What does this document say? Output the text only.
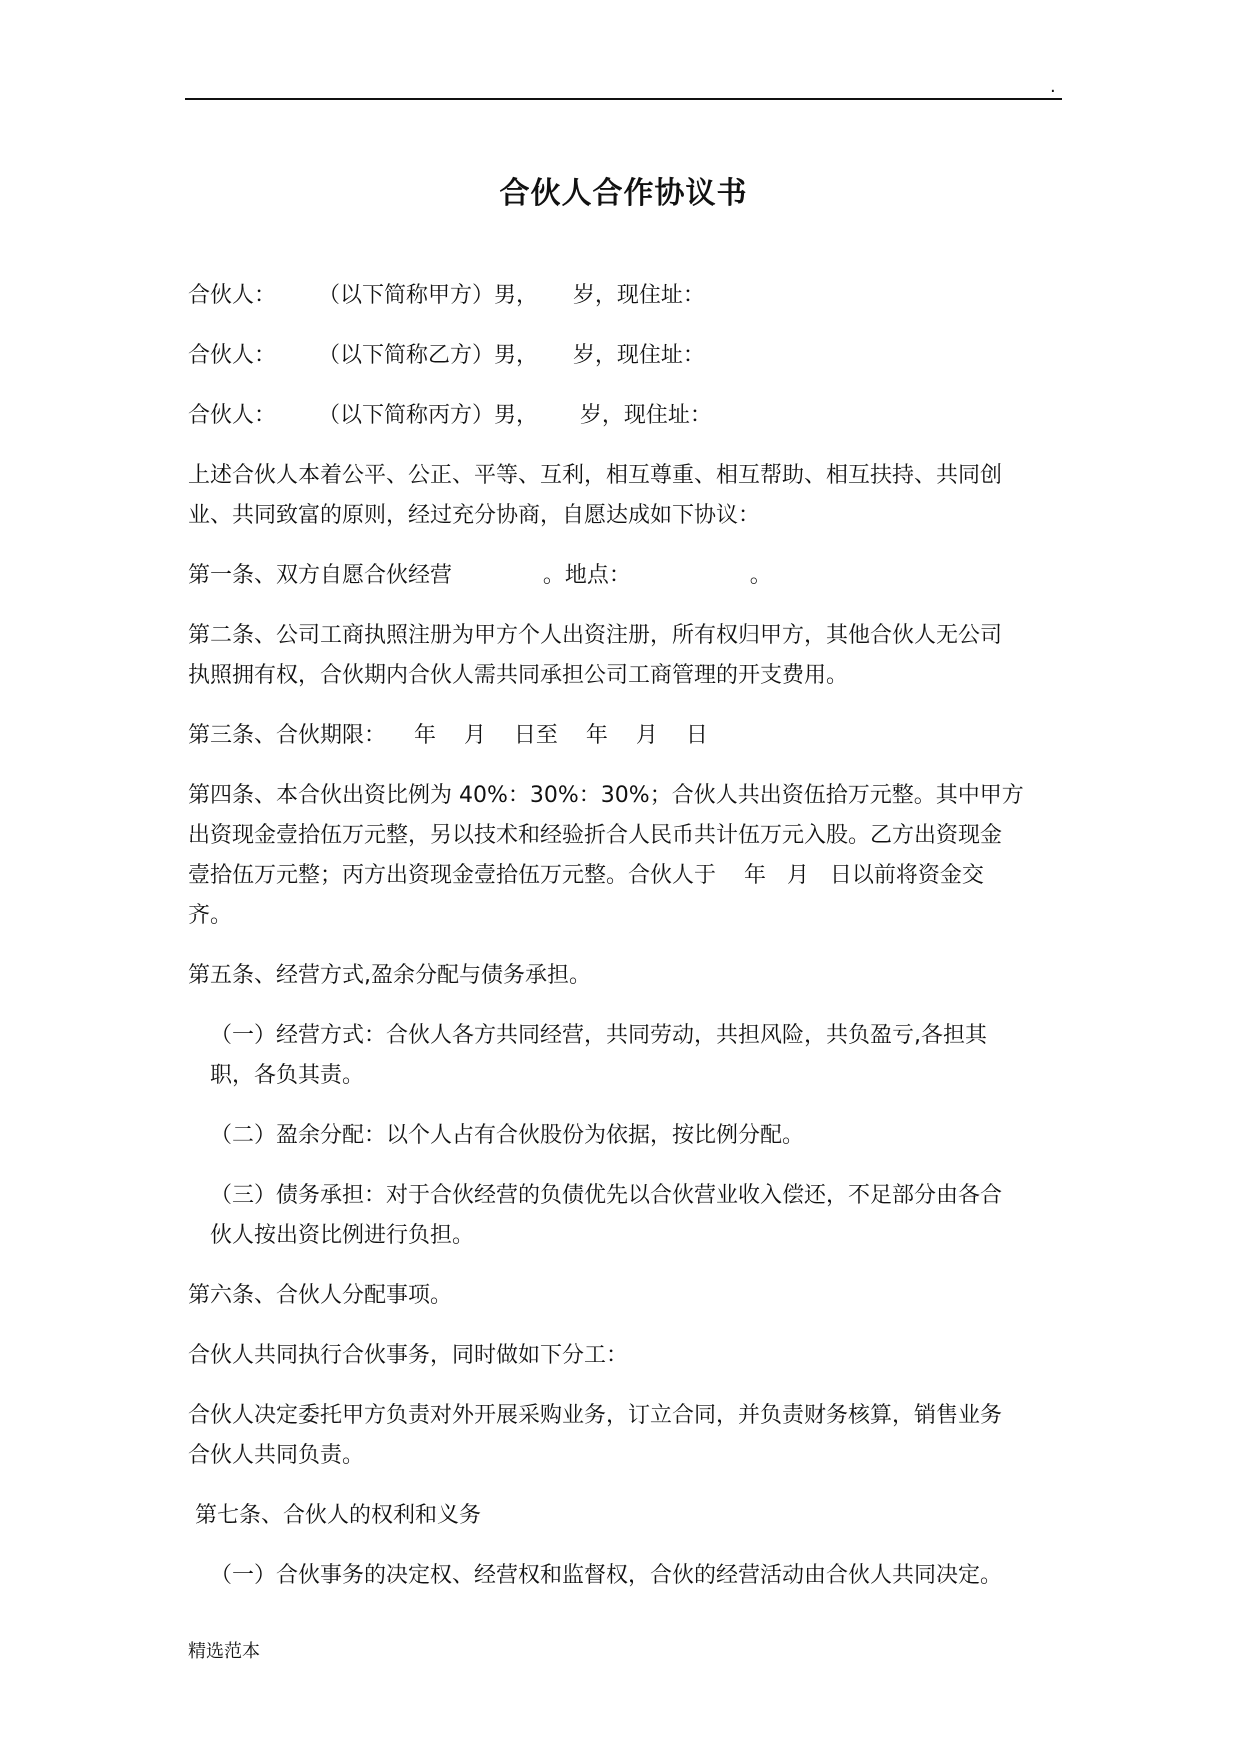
.
合伙人合作协议书
合伙人：      （以下简称甲方）男，     岁，现住址：
合伙人：      （以下简称乙方）男，     岁，现住址：
合伙人：      （以下简称丙方）男，      岁，现住址：
上述合伙人本着公平、公正、平等、互利，相互尊重、相互帮助、相互扶持、共同创
业、共同致富的原则，经过充分协商，自愿达成如下协议：
第一条、双方自愿合伙经营             。地点：                 。
第二条、公司工商执照注册为甲方个人出资注册，所有权归甲方，其他合伙人无公司
执照拥有权，合伙期内合伙人需共同承担公司工商管理的开支费用。
第三条、合伙期限：    年    月    日至    年    月    日
第四条、本合伙出资比例为 40%：30%：30%；合伙人共出资伍拾万元整。其中甲方
出资现金壹拾伍万元整，另以技术和经验折合人民币共计伍万元入股。乙方出资现金
壹拾伍万元整；丙方出资现金壹拾伍万元整。合伙人于    年   月   日以前将资金交
齐。
第五条、经营方式,盈余分配与债务承担。
（一）经营方式：合伙人各方共同经营，共同劳动，共担风险，共负盈亏,各担其
职，各负其责。
（二）盈余分配：以个人占有合伙股份为依据，按比例分配。
（三）债务承担：对于合伙经营的负债优先以合伙营业收入偿还，不足部分由各合
伙人按出资比例进行负担。
第六条、合伙人分配事项。
合伙人共同执行合伙事务，同时做如下分工：
合伙人决定委托甲方负责对外开展采购业务，订立合同，并负责财务核算，销售业务
合伙人共同负责。
第七条、合伙人的权利和义务
（一）合伙事务的决定权、经营权和监督权，合伙的经营活动由合伙人共同决定。
精选范本
